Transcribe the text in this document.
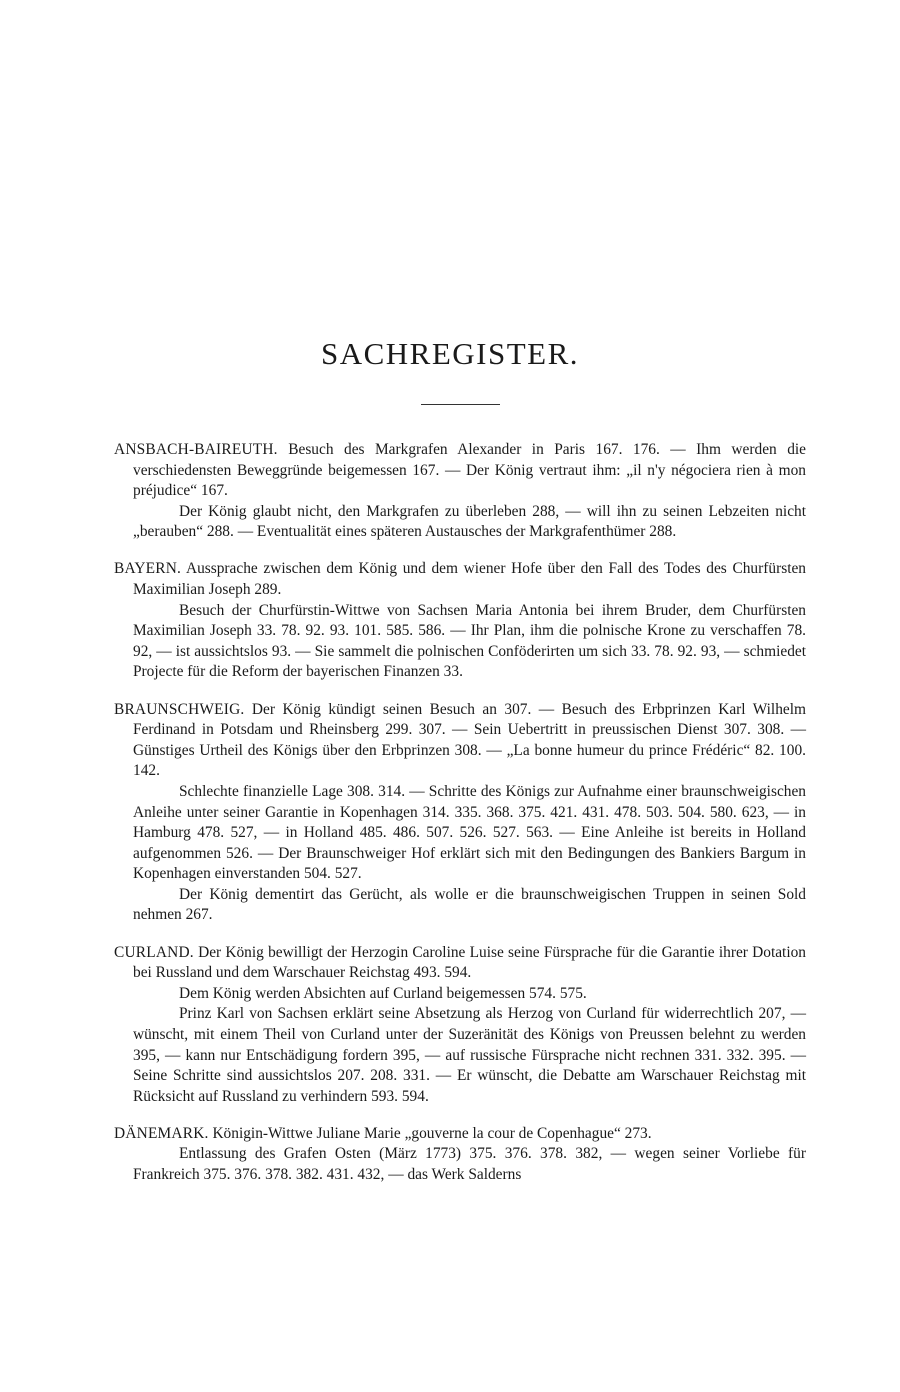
SACHREGISTER.

ANSBACH-BAIREUTH. Besuch des Markgrafen Alexander in Paris 167. 176. — Ihm werden die verschiedensten Beweggründe beigemessen 167. — Der König vertraut ihm: „il n'y négociera rien à mon préjudice“ 167.

Der König glaubt nicht, den Markgrafen zu überleben 288, — will ihn zu seinen Lebzeiten nicht „berauben“ 288. — Eventualität eines späteren Austausches der Markgrafenthümer 288.

BAYERN. Aussprache zwischen dem König und dem wiener Hofe über den Fall des Todes des Churfürsten Maximilian Joseph 289.

Besuch der Churfürstin-Wittwe von Sachsen Maria Antonia bei ihrem Bruder, dem Churfürsten Maximilian Joseph 33. 78. 92. 93. 101. 585. 586. — Ihr Plan, ihm die polnische Krone zu verschaffen 78. 92, — ist aussichtslos 93. — Sie sammelt die polnischen Conföderirten um sich 33. 78. 92. 93, — schmiedet Projecte für die Reform der bayerischen Finanzen 33.

BRAUNSCHWEIG. Der König kündigt seinen Besuch an 307. — Besuch des Erbprinzen Karl Wilhelm Ferdinand in Potsdam und Rheinsberg 299. 307. — Sein Uebertritt in preussischen Dienst 307. 308. — Günstiges Urtheil des Königs über den Erbprinzen 308. — „La bonne humeur du prince Frédéric“ 82. 100. 142.

Schlechte finanzielle Lage 308. 314. — Schritte des Königs zur Aufnahme einer braunschweigischen Anleihe unter seiner Garantie in Kopenhagen 314. 335. 368. 375. 421. 431. 478. 503. 504. 580. 623, — in Hamburg 478. 527, — in Holland 485. 486. 507. 526. 527. 563. — Eine Anleihe ist bereits in Holland aufgenommen 526. — Der Braunschweiger Hof erklärt sich mit den Bedingungen des Bankiers Bargum in Kopenhagen einverstanden 504. 527.

Der König dementirt das Gerücht, als wolle er die braunschweigischen Truppen in seinen Sold nehmen 267.

CURLAND. Der König bewilligt der Herzogin Caroline Luise seine Fürsprache für die Garantie ihrer Dotation bei Russland und dem Warschauer Reichstag 493. 594.

Dem König werden Absichten auf Curland beigemessen 574. 575.

Prinz Karl von Sachsen erklärt seine Absetzung als Herzog von Curland für widerrechtlich 207, — wünscht, mit einem Theil von Curland unter der Suzeränität des Königs von Preussen belehnt zu werden 395, — kann nur Entschädigung fordern 395, — auf russische Fürsprache nicht rechnen 331. 332. 395. — Seine Schritte sind aussichtslos 207. 208. 331. — Er wünscht, die Debatte am Warschauer Reichstag mit Rücksicht auf Russland zu verhindern 593. 594.

DÄNEMARK. Königin-Wittwe Juliane Marie „gouverne la cour de Copenhague“ 273.

Entlassung des Grafen Osten (März 1773) 375. 376. 378. 382, — wegen seiner Vorliebe für Frankreich 375. 376. 378. 382. 431. 432, — das Werk Salderns
